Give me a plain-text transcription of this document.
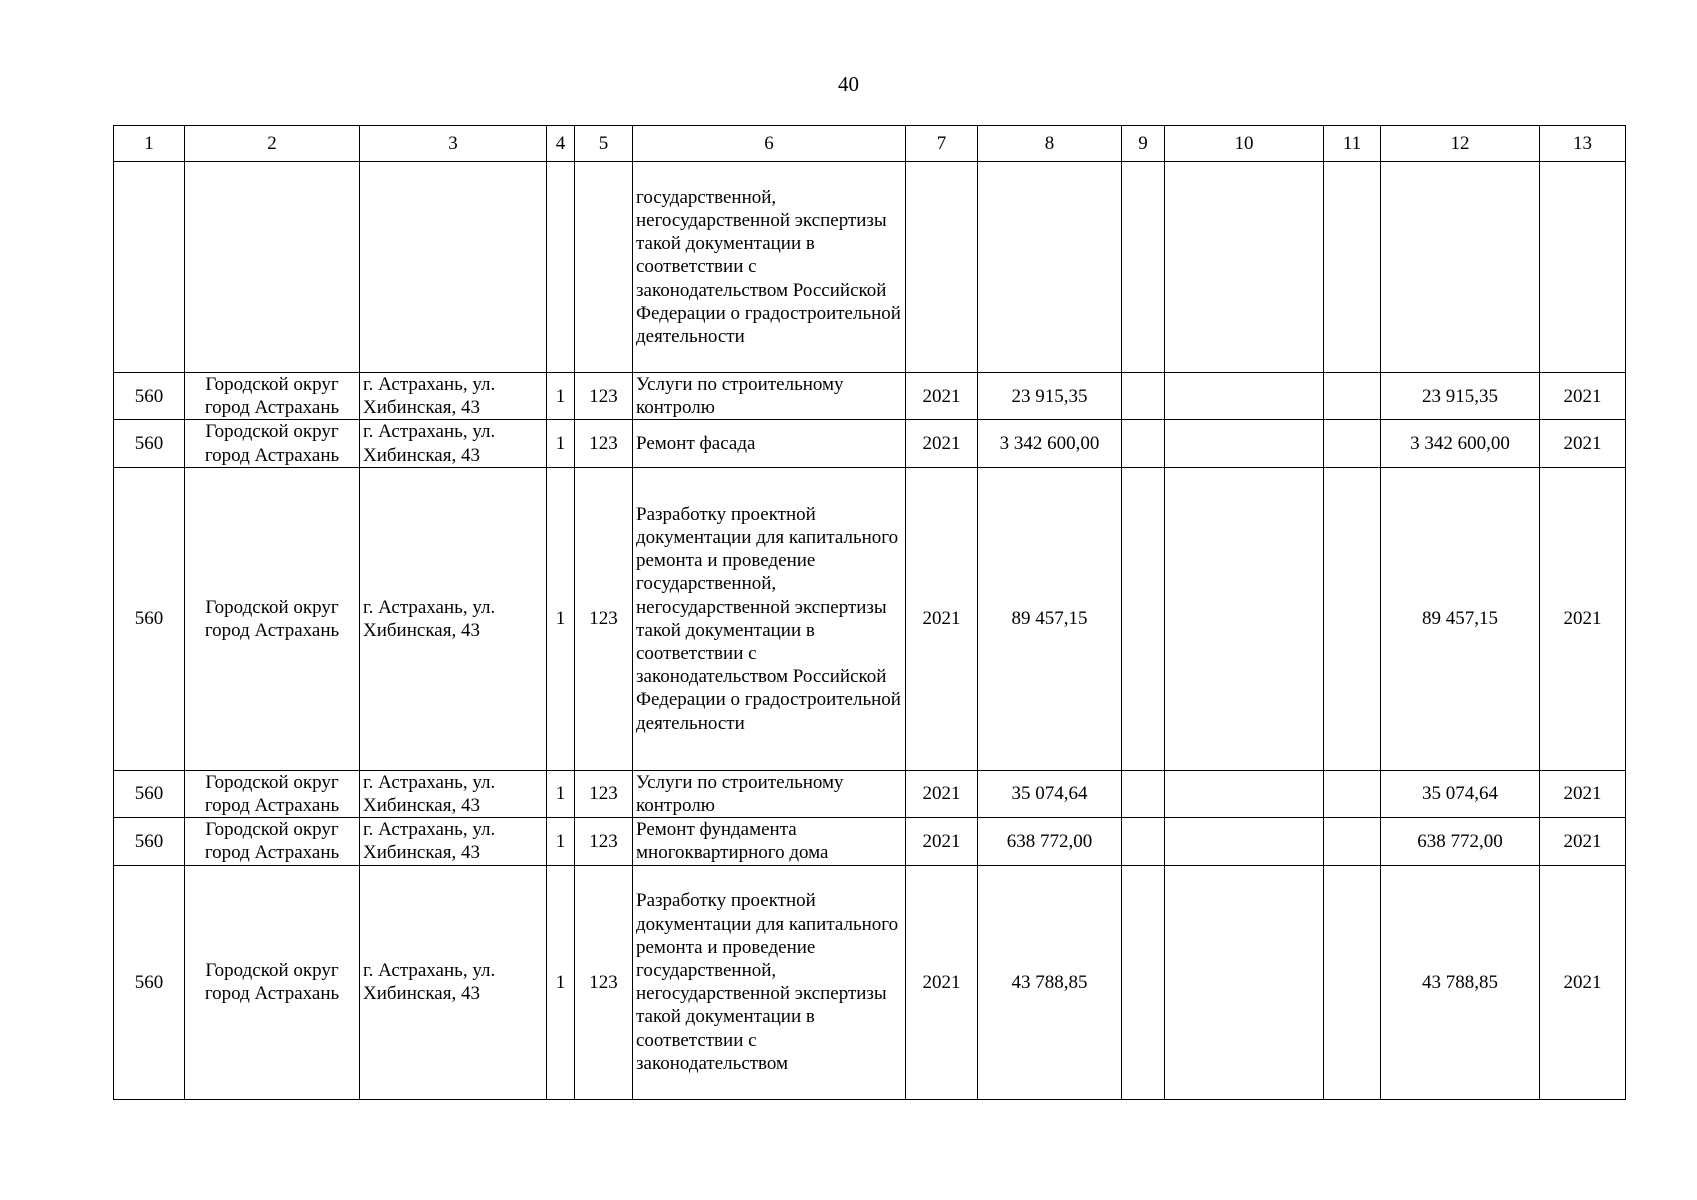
40
1	2	3	4	5	6	7	8	9	10	11	12	13
					государственной, негосударственной экспертизы такой документации в соответствии с законодательством Российской Федерации о градостроительной деятельности							
560	Городской округ город Астрахань	г. Астрахань, ул. Хибинская, 43	1	123	Услуги по строительному контролю	2021	23 915,35				23 915,35	2021
560	Городской округ город Астрахань	г. Астрахань, ул. Хибинская, 43	1	123	Ремонт фасада	2021	3 342 600,00				3 342 600,00	2021
560	Городской округ город Астрахань	г. Астрахань, ул. Хибинская, 43	1	123	Разработку проектной документации для капитального ремонта и проведение государственной, негосударственной экспертизы такой документации в соответствии с законодательством Российской Федерации о градостроительной деятельности	2021	89 457,15				89 457,15	2021
560	Городской округ город Астрахань	г. Астрахань, ул. Хибинская, 43	1	123	Услуги по строительному контролю	2021	35 074,64				35 074,64	2021
560	Городской округ город Астрахань	г. Астрахань, ул. Хибинская, 43	1	123	Ремонт фундамента многоквартирного дома	2021	638 772,00				638 772,00	2021
560	Городской округ город Астрахань	г. Астрахань, ул. Хибинская, 43	1	123	Разработку проектной документации для капитального ремонта и проведение государственной, негосударственной экспертизы такой документации в соответствии с законодательством	2021	43 788,85				43 788,85	2021
